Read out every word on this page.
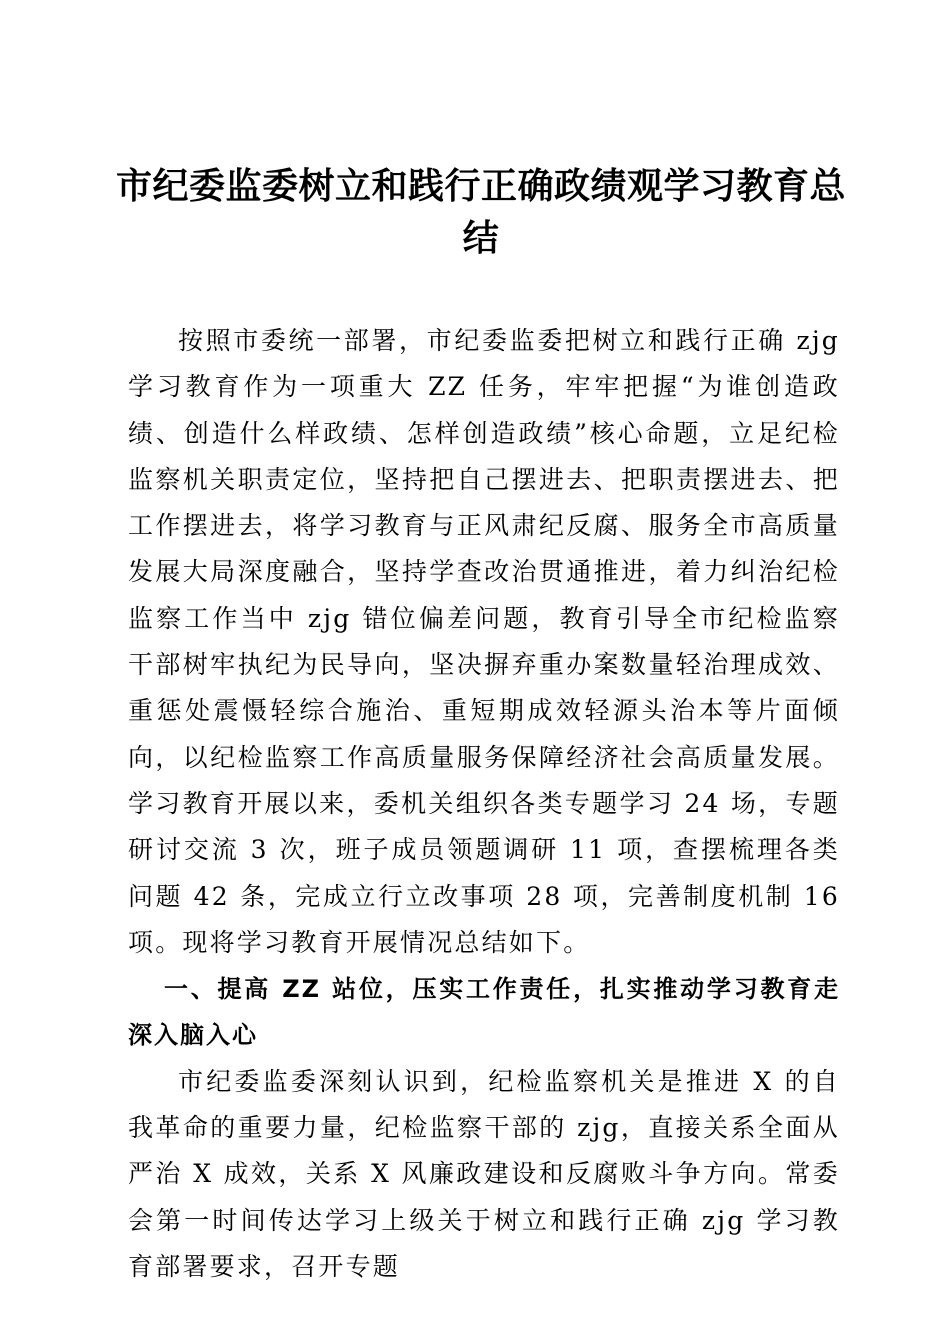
市纪委监委树立和践行正确政绩观学习教育总结

按照市委统一部署，市纪委监委把树立和践行正确 zjg 学习教育作为一项重大 ZZ 任务，牢牢把握“为谁创造政绩、创造什么样政绩、怎样创造政绩”核心命题，立足纪检监察机关职责定位，坚持把自己摆进去、把职责摆进去、把工作摆进去，将学习教育与正风肃纪反腐、服务全市高质量发展大局深度融合，坚持学查改治贯通推进，着力纠治纪检监察工作当中 zjg 错位偏差问题，教育引导全市纪检监察干部树牢执纪为民导向，坚决摒弃重办案数量轻治理成效、重惩处震慑轻综合施治、重短期成效轻源头治本等片面倾向，以纪检监察工作高质量服务保障经济社会高质量发展。学习教育开展以来，委机关组织各类专题学习 24 场，专题研讨交流 3 次，班子成员领题调研 11 项，查摆梳理各类问题 42 条，完成立行立改事项 28 项，完善制度机制 16 项。现将学习教育开展情况总结如下。

一、提高 ZZ 站位，压实工作责任，扎实推动学习教育走深入脑入心

市纪委监委深刻认识到，纪检监察机关是推进 X 的自我革命的重要力量，纪检监察干部的 zjg，直接关系全面从严治 X 成效，关系 X 风廉政建设和反腐败斗争方向。常委会第一时间传达学习上级关于树立和践行正确 zjg 学习教育部署要求，召开专题
